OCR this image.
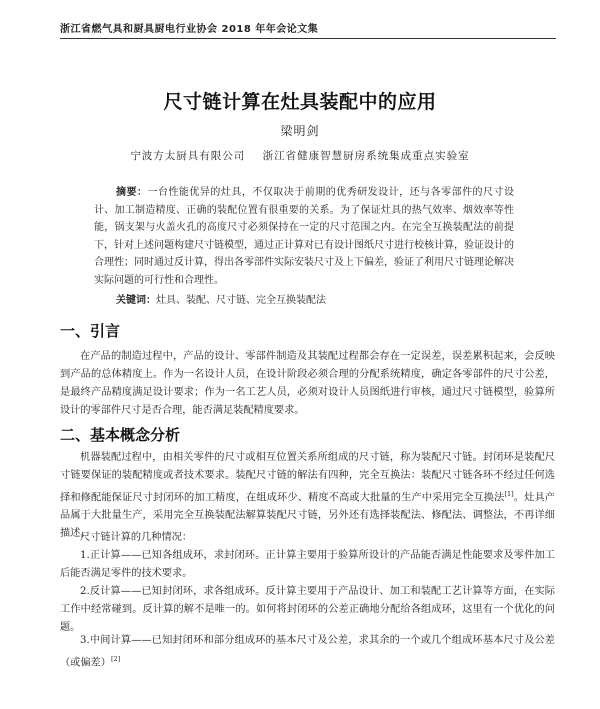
浙江省燃气具和厨具厨电行业协会 2018 年年会论文集
尺寸链计算在灶具装配中的应用
梁明剑
宁波方太厨具有限公司    浙江省健康智慧厨房系统集成重点实验室
摘要：一台性能优异的灶具，不仅取决于前期的优秀研发设计，还与各零部件的尺寸设计、加工制造精度、正确的装配位置有很重要的关系。为了保证灶具的热气效率、烟效率等性能，锅支架与火盖火孔的高度尺寸必须保持在一定的尺寸范围之内。在完全互换装配法的前提下，针对上述问题构建尺寸链模型，通过正计算对已有设计图纸尺寸进行校核计算，验证设计的合理性；同时通过反计算，得出各零部件实际安装尺寸及上下偏差，验证了利用尺寸链理论解决实际问题的可行性和合理性。
关键词：灶具、装配、尺寸链、完全互换装配法
一、引言
在产品的制造过程中，产品的设计、零部件制造及其装配过程都会存在一定误差，误差累积起来，会反映到产品的总体精度上。作为一名设计人员，在设计阶段必须合理的分配系统精度，确定各零部件的尺寸公差，是最终产品精度满足设计要求；作为一名工艺人员，必须对设计人员图纸进行审核，通过尺寸链模型，验算所设计的零部件尺寸是否合理，能否满足装配精度要求。
二、基本概念分析
机器装配过程中，由相关零件的尺寸或相互位置关系所组成的尺寸链，称为装配尺寸链。封闭环是装配尺寸链要保证的装配精度或者技术要求。装配尺寸链的解法有四种，完全互换法：装配尺寸链各环不经过任何选择和修配能保证尺寸封闭环的加工精度，在组成环少、精度不高或大批量的生产中采用完全互换法[1]。灶具产品属于大批量生产，采用完全互换装配法解算装配尺寸链，另外还有选择装配法、修配法、调整法，不再详细描述。
尺寸链计算的几种情况：
1.正计算——已知各组成环，求封闭环。正计算主要用于验算所设计的产品能否满足性能要求及零件加工后能否满足零件的技术要求。
2.反计算——已知封闭环，求各组成环。反计算主要用于产品设计、加工和装配工艺计算等方面，在实际工作中经常碰到。反计算的解不是唯一的。如何将封闭环的公差正确地分配给各组成环，这里有一个优化的问题。
3.中间计算——已知封闭环和部分组成环的基本尺寸及公差，求其余的一个或几个组成环基本尺寸及公差（或偏差）[2]
